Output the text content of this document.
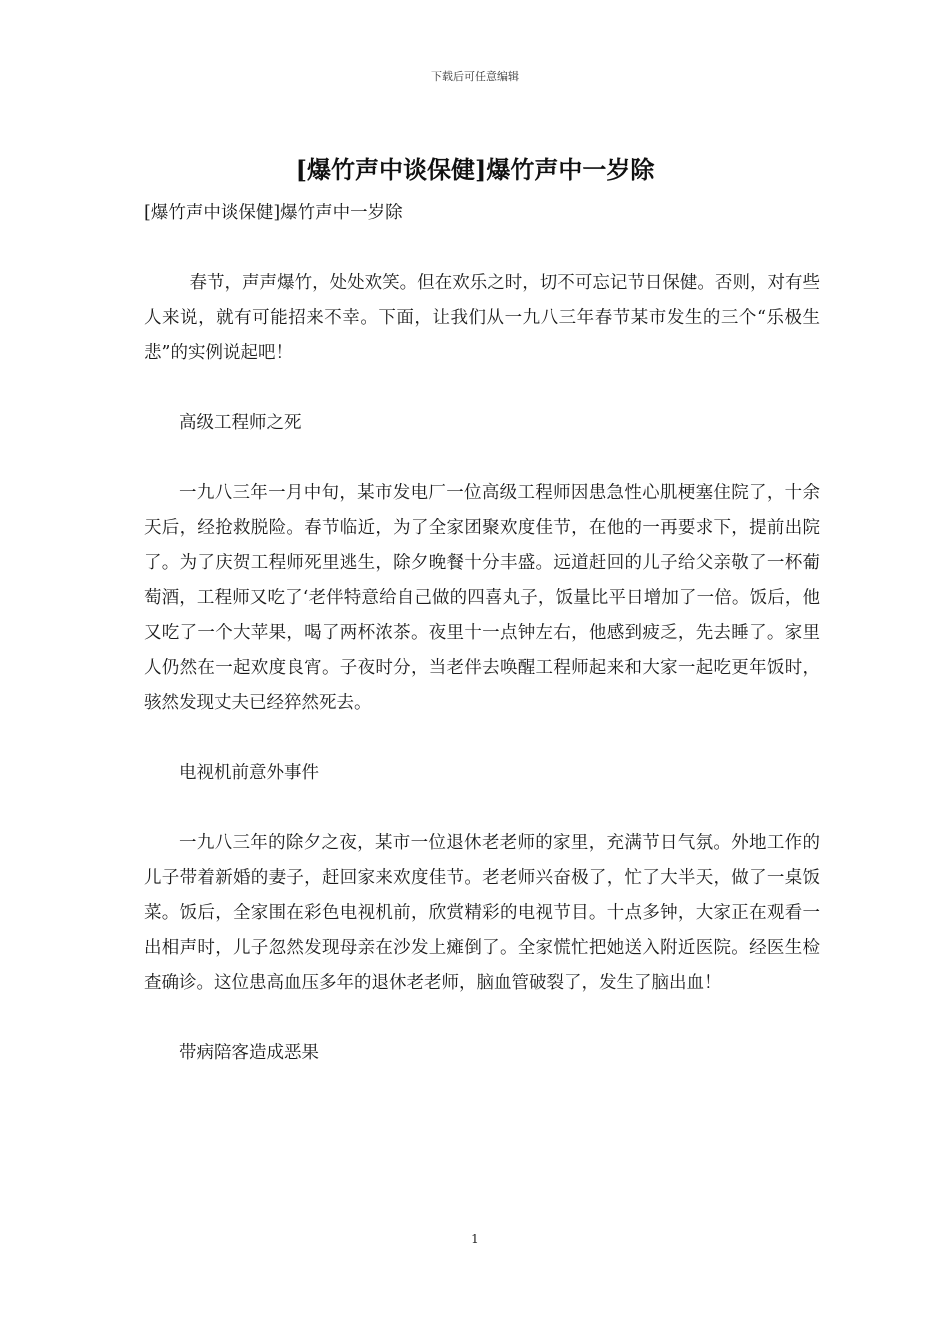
下载后可任意编辑
[爆竹声中谈保健]爆竹声中一岁除

[爆竹声中谈保健]爆竹声中一岁除

春节，声声爆竹，处处欢笑。但在欢乐之时，切不可忘记节日保健。否则，对有些人来说，就有可能招来不幸。下面，让我们从一九八三年春节某市发生的三个“乐极生悲”的实例说起吧！

高级工程师之死

一九八三年一月中旬，某市发电厂一位高级工程师因患急性心肌梗塞住院了，十余天后，经抢救脱险。春节临近，为了全家团聚欢度佳节，在他的一再要求下，提前出院了。为了庆贺工程师死里逃生，除夕晚餐十分丰盛。远道赶回的儿子给父亲敬了一杯葡萄酒，工程师又吃了‘老伴特意给自己做的四喜丸子，饭量比平日增加了一倍。饭后，他又吃了一个大苹果，喝了两杯浓茶。夜里十一点钟左右，他感到疲乏，先去睡了。家里人仍然在一起欢度良宵。子夜时分，当老伴去唤醒工程师起来和大家一起吃更年饭时，骇然发现丈夫已经猝然死去。

电视机前意外事件

一九八三年的除夕之夜，某市一位退休老老师的家里，充满节日气氛。外地工作的儿子带着新婚的妻子，赶回家来欢度佳节。老老师兴奋极了，忙了大半天，做了一桌饭菜。饭后，全家围在彩色电视机前，欣赏精彩的电视节目。十点多钟，大家正在观看一出相声时，儿子忽然发现母亲在沙发上瘫倒了。全家慌忙把她送入附近医院。经医生检查确诊。这位患高血压多年的退休老老师，脑血管破裂了，发生了脑出血！

带病陪客造成恶果

1
